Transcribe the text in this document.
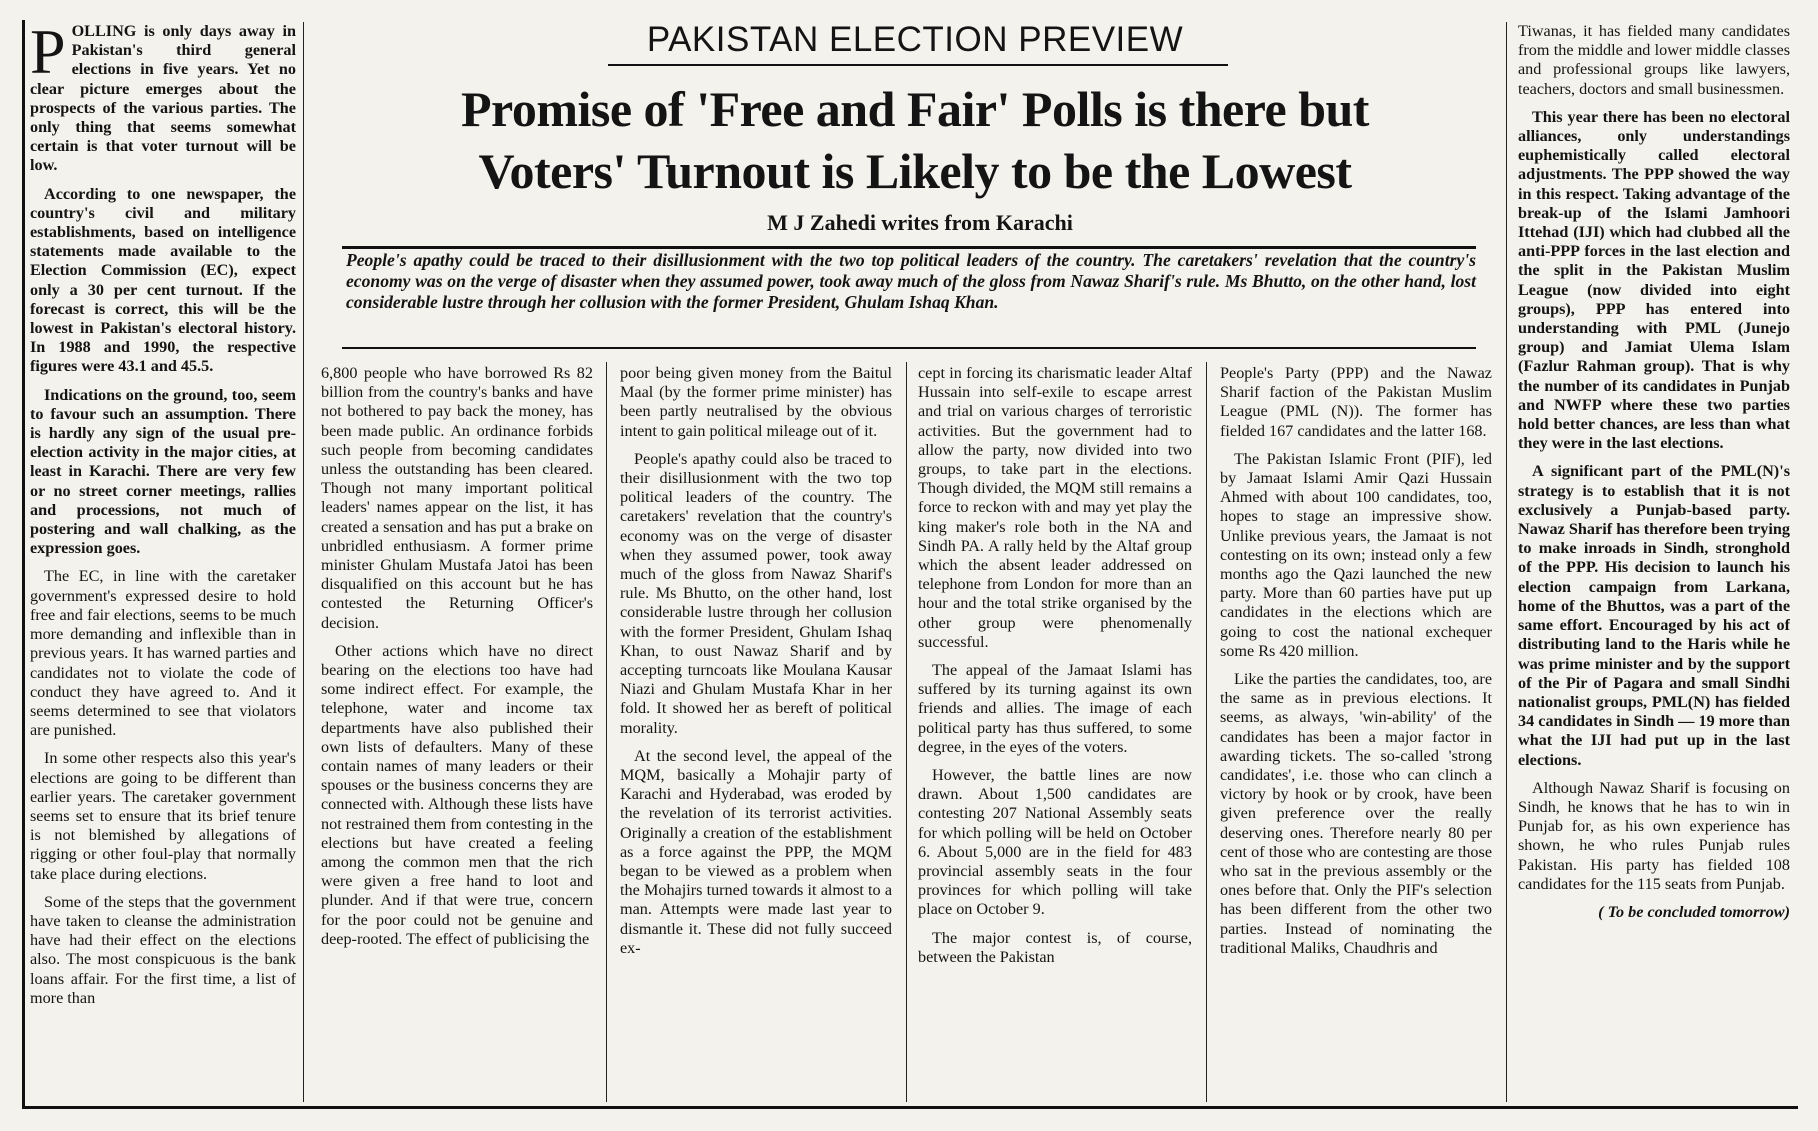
POLLING is only days away in Pakistan's third general elections in five years. Yet no clear picture emerges about the prospects of the various parties. The only thing that seems somewhat certain is that voter turnout will be low.

According to one newspaper, the country's civil and military establishments, based on intelligence statements made available to the Election Commission (EC), expect only a 30 per cent turnout. If the forecast is correct, this will be the lowest in Pakistan's electoral history. In 1988 and 1990, the respective figures were 43.1 and 45.5.

Indications on the ground, too, seem to favour such an assumption. There is hardly any sign of the usual pre-election activity in the major cities, at least in Karachi. There are very few or no street corner meetings, rallies and processions, not much of postering and wall chalking, as the expression goes.

The EC, in line with the caretaker government's expressed desire to hold free and fair elections, seems to be much more demanding and inflexible than in previous years. It has warned parties and candidates not to violate the code of conduct they have agreed to. And it seems determined to see that violators are punished.

In some other respects also this year's elections are going to be different than earlier years. The caretaker government seems set to ensure that its brief tenure is not blemished by allegations of rigging or other foul-play that normally take place during elections.

Some of the steps that the government have taken to cleanse the administration have had their effect on the elections also. The most conspicuous is the bank loans affair. For the first time, a list of more than

PAKISTAN ELECTION PREVIEW
Promise of 'Free and Fair' Polls is there but
Voters' Turnout is Likely to be the Lowest
M J Zahedi writes from Karachi
People's apathy could be traced to their disillusionment with the two top political leaders of the country. The caretakers' revelation that the country's economy was on the verge of disaster when they assumed power, took away much of the gloss from Nawaz Sharif's rule. Ms Bhutto, on the other hand, lost considerable lustre through her collusion with the former President, Ghulam Ishaq Khan.

6,800 people who have borrowed Rs 82 billion from the country's banks and have not bothered to pay back the money, has been made public. An ordinance forbids such people from becoming candidates unless the outstanding has been cleared. Though not many important political leaders' names appear on the list, it has created a sensation and has put a brake on unbridled enthusiasm. A former prime minister Ghulam Mustafa Jatoi has been disqualified on this account but he has contested the Returning Officer's decision.

Other actions which have no direct bearing on the elections too have had some indirect effect. For example, the telephone, water and income tax departments have also published their own lists of defaulters. Many of these contain names of many leaders or their spouses or the business concerns they are connected with. Although these lists have not restrained them from contesting in the elections but have created a feeling among the common men that the rich were given a free hand to loot and plunder. And if that were true, concern for the poor could not be genuine and deep-rooted. The effect of publicising the

poor being given money from the Baitul Maal (by the former prime minister) has been partly neutralised by the obvious intent to gain political mileage out of it.

People's apathy could also be traced to their disillusionment with the two top political leaders of the country. The caretakers' revelation that the country's economy was on the verge of disaster when they assumed power, took away much of the gloss from Nawaz Sharif's rule. Ms Bhutto, on the other hand, lost considerable lustre through her collusion with the former President, Ghulam Ishaq Khan, to oust Nawaz Sharif and by accepting turncoats like Moulana Kausar Niazi and Ghulam Mustafa Khar in her fold. It showed her as bereft of political morality.

At the second level, the appeal of the MQM, basically a Mohajir party of Karachi and Hyderabad, was eroded by the revelation of its terrorist activities. Originally a creation of the establishment as a force against the PPP, the MQM began to be viewed as a problem when the Mohajirs turned towards it almost to a man. Attempts were made last year to dismantle it. These did not fully succeed ex-

cept in forcing its charismatic leader Altaf Hussain into self-exile to escape arrest and trial on various charges of terroristic activities. But the government had to allow the party, now divided into two groups, to take part in the elections. Though divided, the MQM still remains a force to reckon with and may yet play the king maker's role both in the NA and Sindh PA. A rally held by the Altaf group which the absent leader addressed on telephone from London for more than an hour and the total strike organised by the other group were phenomenally successful.

The appeal of the Jamaat Islami has suffered by its turning against its own friends and allies. The image of each political party has thus suffered, to some degree, in the eyes of the voters.

However, the battle lines are now drawn. About 1,500 candidates are contesting 207 National Assembly seats for which polling will be held on October 6. About 5,000 are in the field for 483 provincial assembly seats in the four provinces for which polling will take place on October 9.

The major contest is, of course, between the Pakistan

People's Party (PPP) and the Nawaz Sharif faction of the Pakistan Muslim League (PML (N)). The former has fielded 167 candidates and the latter 168.

The Pakistan Islamic Front (PIF), led by Jamaat Islami Amir Qazi Hussain Ahmed with about 100 candidates, too, hopes to stage an impressive show. Unlike previous years, the Jamaat is not contesting on its own; instead only a few months ago the Qazi launched the new party. More than 60 parties have put up candidates in the elections which are going to cost the national exchequer some Rs 420 million.

Like the parties the candidates, too, are the same as in previous elections. It seems, as always, 'win-ability' of the candidates has been a major factor in awarding tickets. The so-called 'strong candidates', i.e. those who can clinch a victory by hook or by crook, have been given preference over the really deserving ones. Therefore nearly 80 per cent of those who are contesting are those who sat in the previous assembly or the ones before that. Only the PIF's selection has been different from the other two parties. Instead of nominating the traditional Maliks, Chaudhris and

Tiwanas, it has fielded many candidates from the middle and lower middle classes and professional groups like lawyers, teachers, doctors and small businessmen.

This year there has been no electoral alliances, only understandings euphemistically called electoral adjustments. The PPP showed the way in this respect. Taking advantage of the break-up of the Islami Jamhoori Ittehad (IJI) which had clubbed all the anti-PPP forces in the last election and the split in the Pakistan Muslim League (now divided into eight groups), PPP has entered into understanding with PML (Junejo group) and Jamiat Ulema Islam (Fazlur Rahman group). That is why the number of its candidates in Punjab and NWFP where these two parties hold better chances, are less than what they were in the last elections.

A significant part of the PML(N)'s strategy is to establish that it is not exclusively a Punjab-based party. Nawaz Sharif has therefore been trying to make inroads in Sindh, stronghold of the PPP. His decision to launch his election campaign from Larkana, home of the Bhuttos, was a part of the same effort. Encouraged by his act of distributing land to the Haris while he was prime minister and by the support of the Pir of Pagara and small Sindhi nationalist groups, PML(N) has fielded 34 candidates in Sindh — 19 more than what the IJI had put up in the last elections.

Although Nawaz Sharif is focusing on Sindh, he knows that he has to win in Punjab for, as his own experience has shown, he who rules Punjab rules Pakistan. His party has fielded 108 candidates for the 115 seats from Punjab.

( To be concluded tomorrow)
